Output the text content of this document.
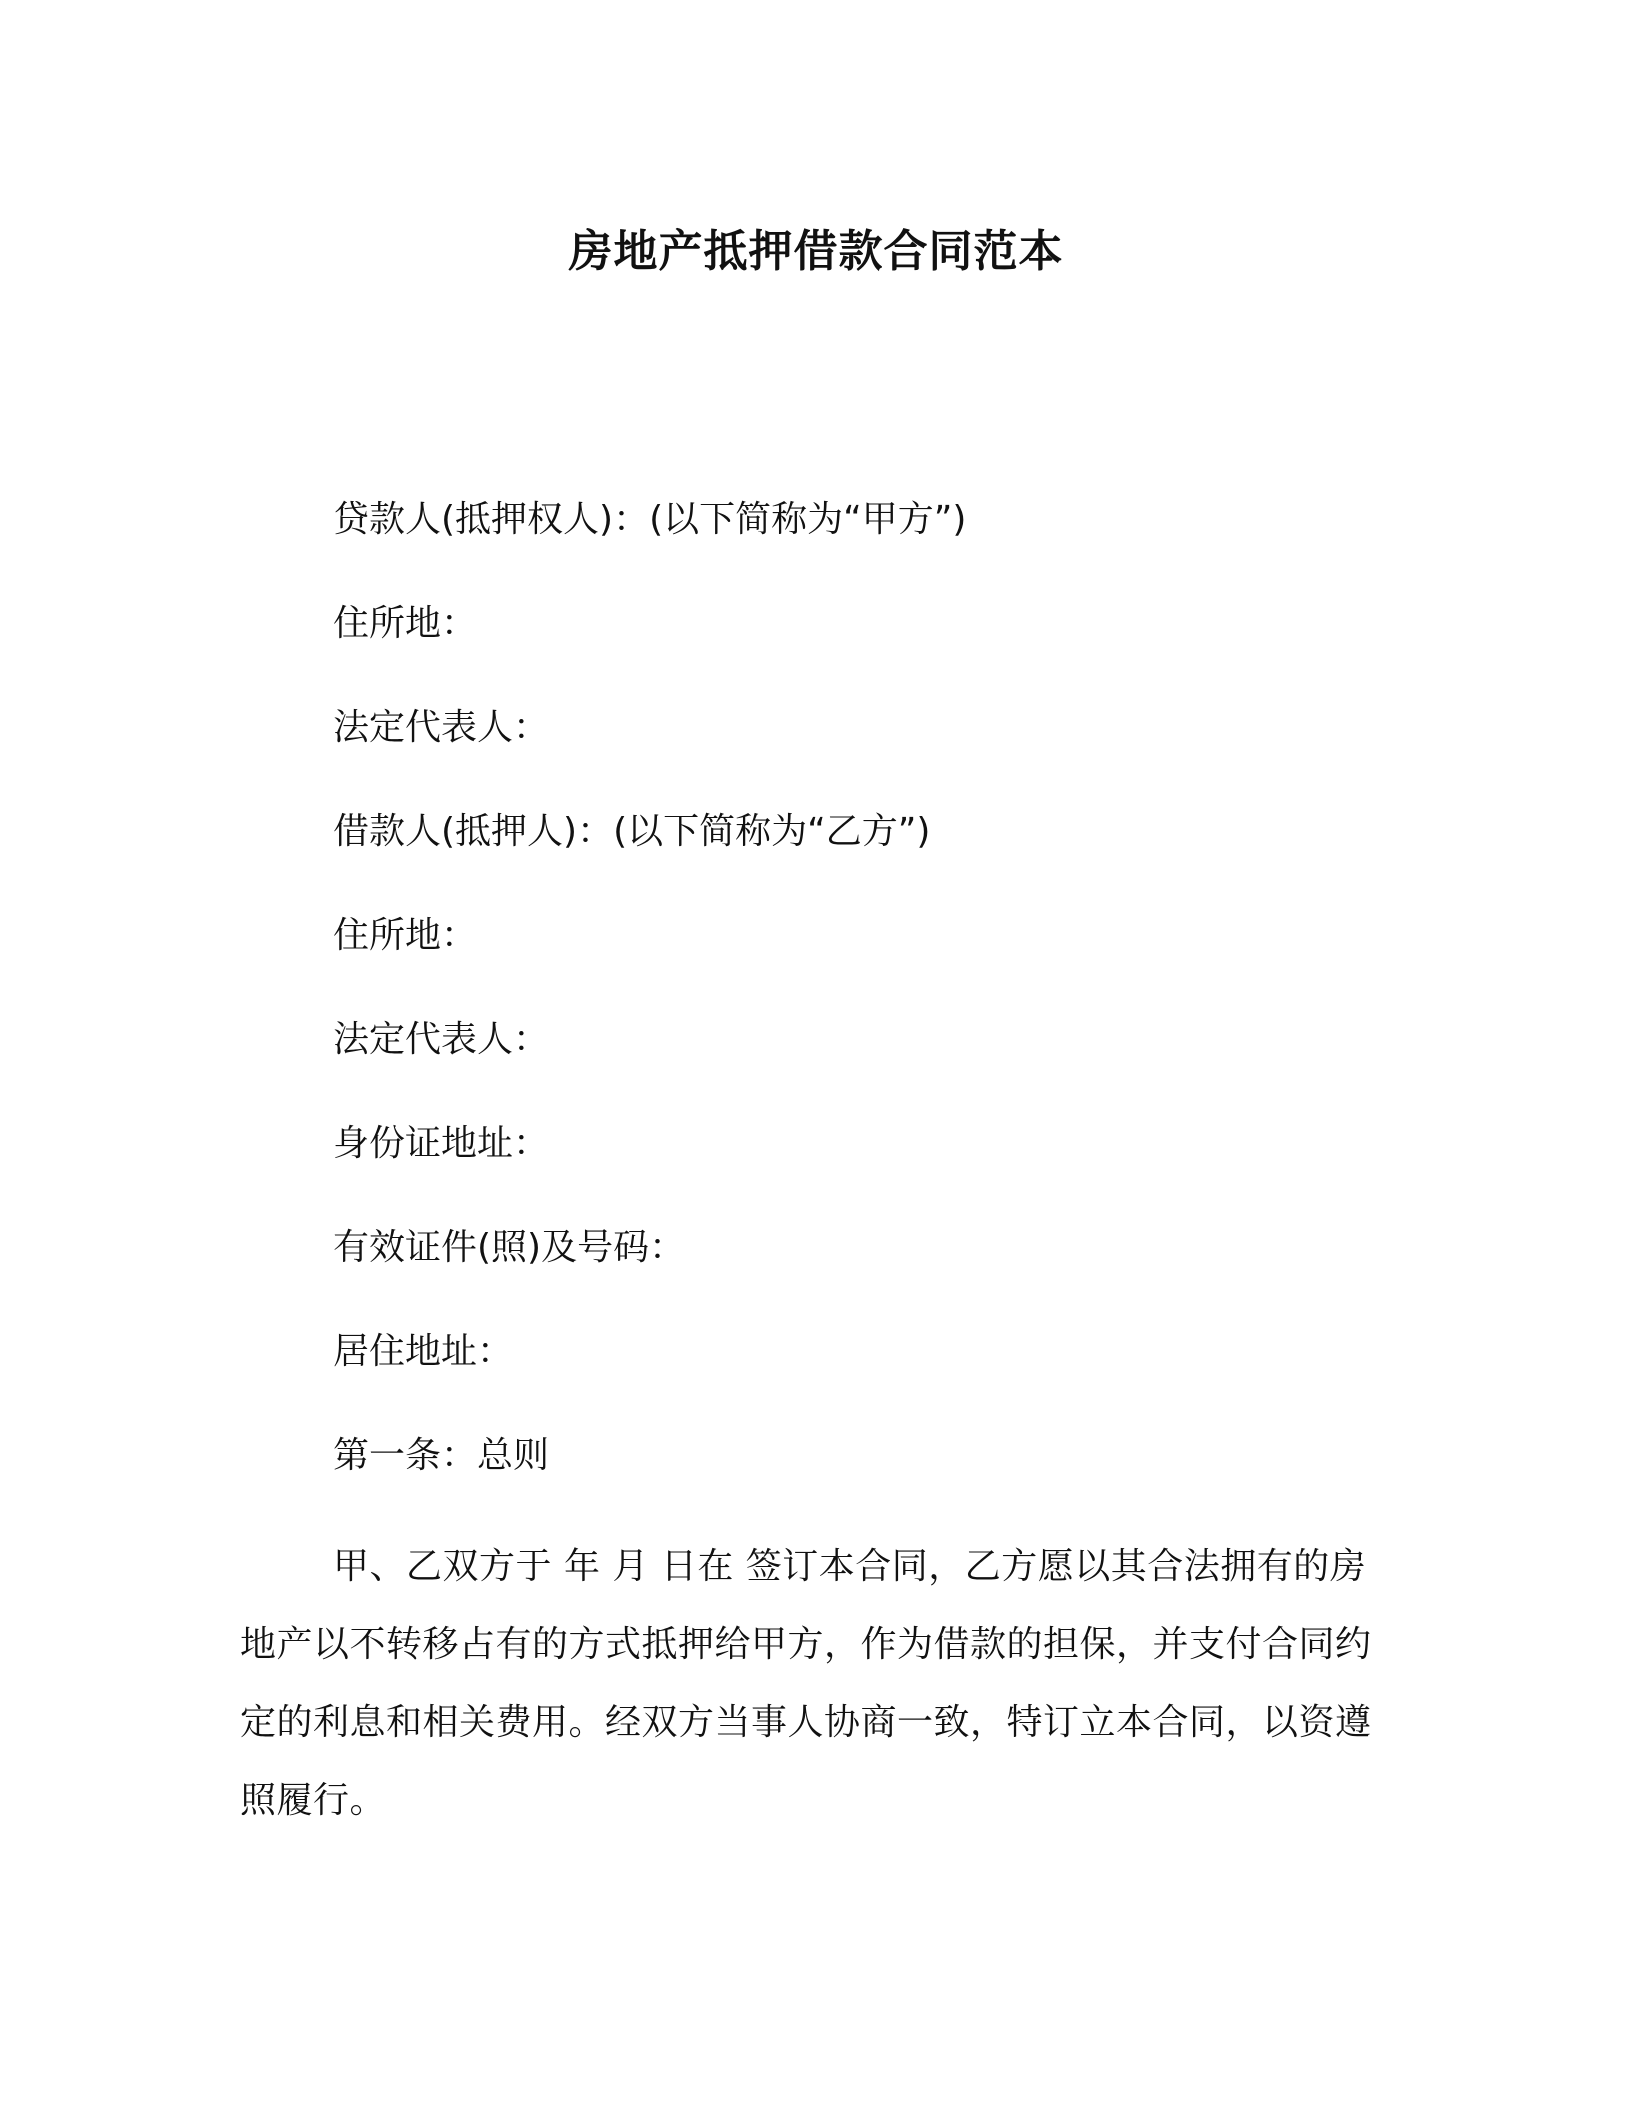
房地产抵押借款合同范本
贷款人(抵押权人)：(以下简称为“甲方”)
住所地：
法定代表人：
借款人(抵押人)：(以下简称为“乙方”)
住所地：
法定代表人：
身份证地址：
有效证件(照)及号码：
居住地址：
第一条：总则

甲、乙双方于 年 月 日在 签订本合同，乙方愿以其合法拥有的房地产以不转移占有的方式抵押给甲方，作为借款的担保，并支付合同约定的利息和相关费用。经双方当事人协商一致，特订立本合同，以资遵照履行。
